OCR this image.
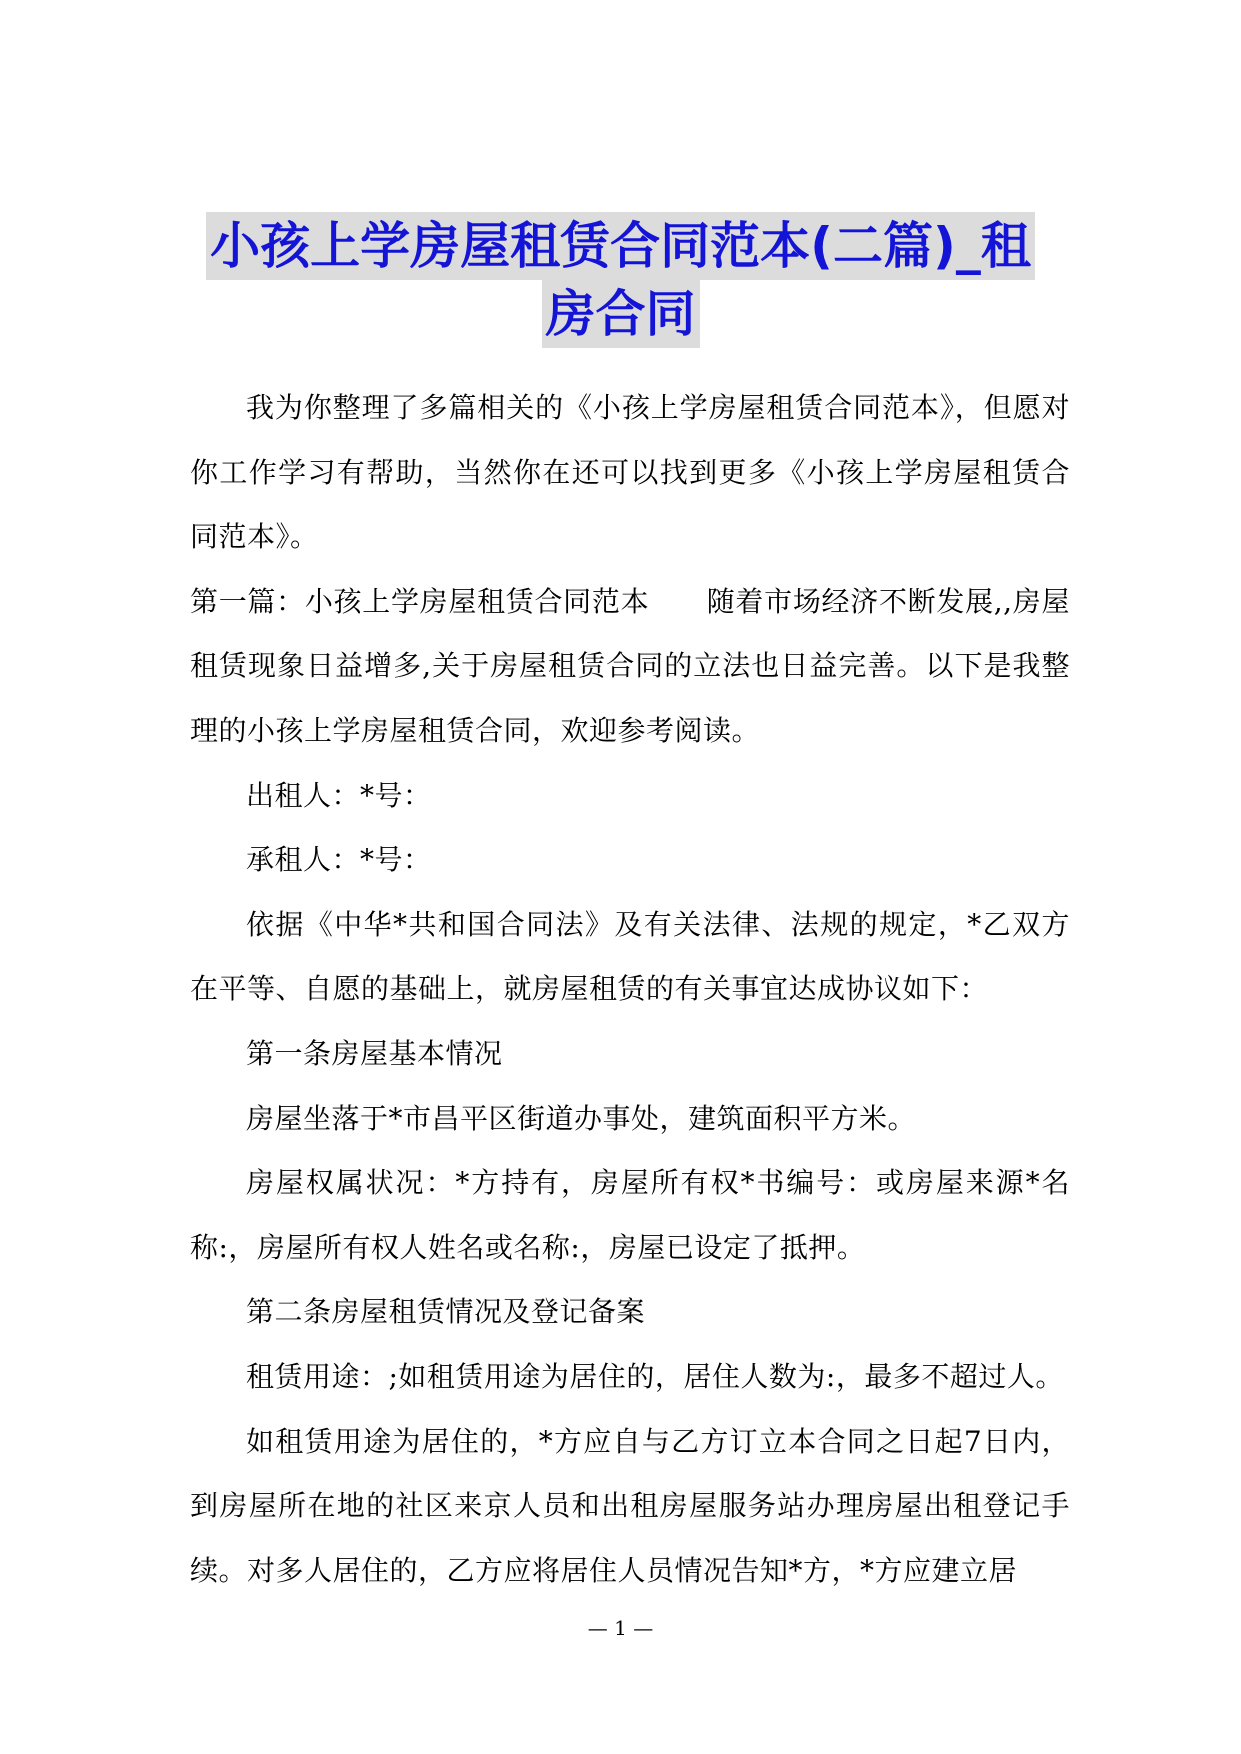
小孩上学房屋租赁合同范本(二篇)_租
房合同

我为你整理了多篇相关的《小孩上学房屋租赁合同范本》，但愿对你工作学习有帮助，当然你在还可以找到更多《小孩上学房屋租赁合同范本》。

第一篇：小孩上学房屋租赁合同范本　　随着市场经济不断发展,,房屋租赁现象日益增多,关于房屋租赁合同的立法也日益完善。以下是我整理的小孩上学房屋租赁合同，欢迎参考阅读。

出租人：*号：

承租人：*号：

依据《中华*共和国合同法》及有关法律、法规的规定，*乙双方在平等、自愿的基础上，就房屋租赁的有关事宜达成协议如下：

第一条房屋基本情况

房屋坐落于*市昌平区街道办事处，建筑面积平方米。

房屋权属状况：*方持有，房屋所有权*书编号：或房屋来源*名称:，房屋所有权人姓名或名称:，房屋已设定了抵押。

第二条房屋租赁情况及登记备案

租赁用途：;如租赁用途为居住的，居住人数为:，最多不超过人。

如租赁用途为居住的，*方应自与乙方订立本合同之日起7日内，到房屋所在地的社区来京人员和出租房屋服务站办理房屋出租登记手续。对多人居住的，乙方应将居住人员情况告知*方，*方应建立居

— 1 —
